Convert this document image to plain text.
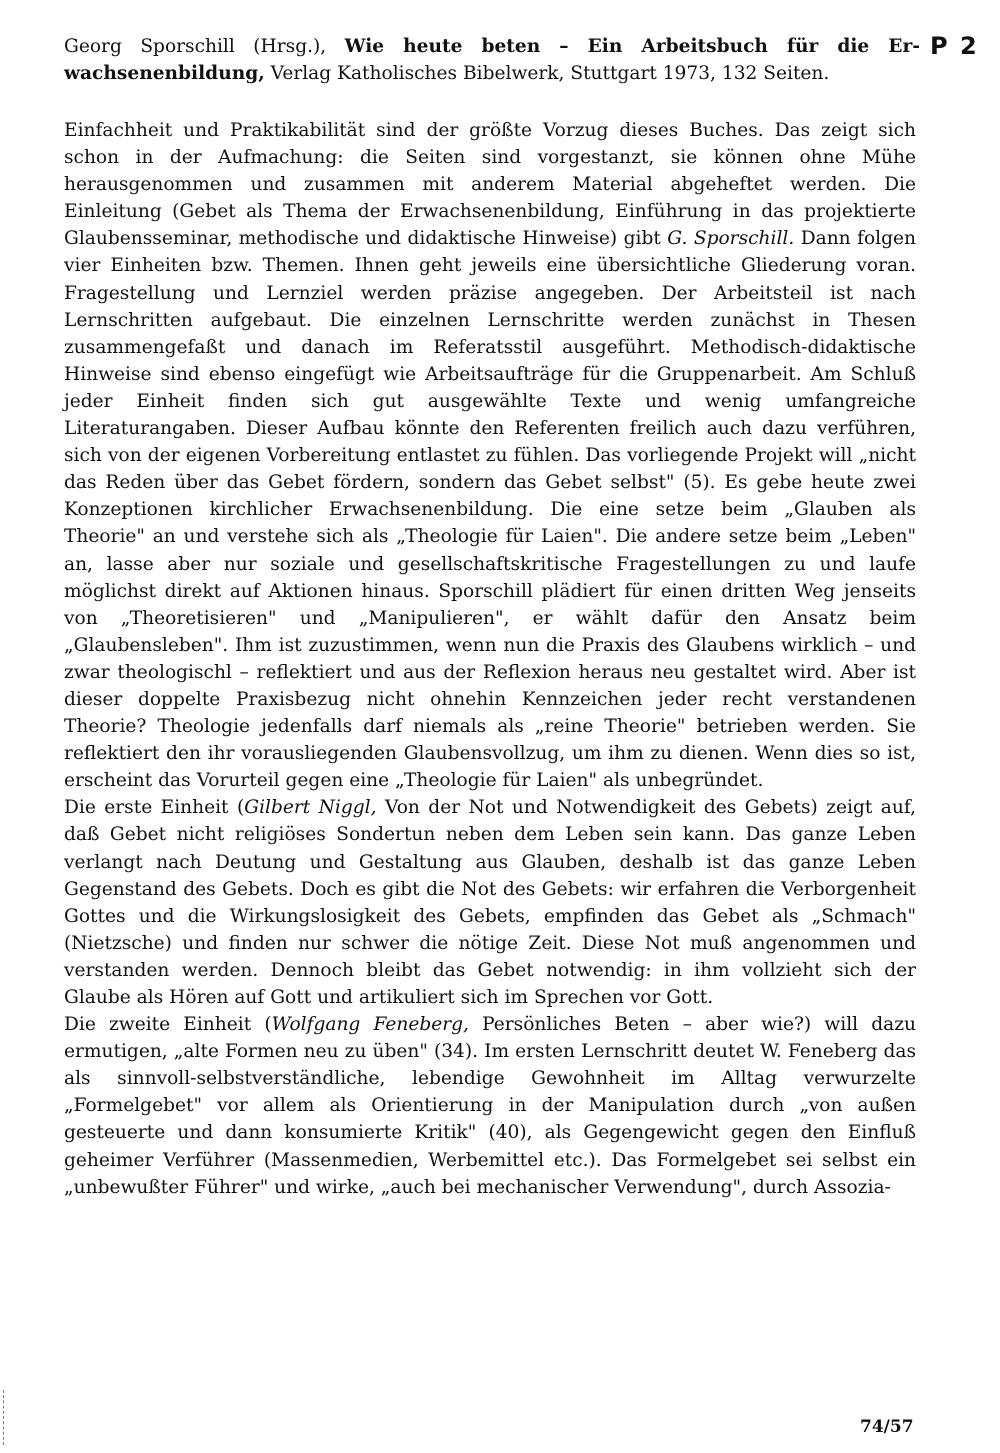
Georg Sporschill (Hrsg.), Wie heute beten – Ein Arbeitsbuch für die Er- wachsenenbildung, Verlag Katholisches Bibelwerk, Stuttgart 1973, 132 Seiten.
P 2

Einfachheit und Praktikabilität sind der größte Vorzug dieses Buches. Das zeigt sich schon in der Aufmachung: die Seiten sind vorgestanzt, sie können ohne Mühe herausgenommen und zusammen mit anderem Material abgeheftet werden. Die Einleitung (Gebet als Thema der Erwachsenenbildung, Einführung in das projektierte Glaubensseminar, methodische und didaktische Hinweise) gibt G. Sporschill. Dann folgen vier Einheiten bzw. Themen. Ihnen geht jeweils eine übersichtliche Gliederung voran. Fragestellung und Lernziel werden präzise angegeben. Der Arbeitsteil ist nach Lernschritten aufgebaut. Die einzelnen Lernschritte werden zunächst in Thesen zusammengefaßt und danach im Referatsstil ausgeführt. Methodisch-didaktische Hinweise sind ebenso eingefügt wie Arbeitsaufträge für die Gruppenarbeit. Am Schluß jeder Einheit finden sich gut ausgewählte Texte und wenig umfangreiche Literaturangaben. Dieser Aufbau könnte den Referenten freilich auch dazu verführen, sich von der eigenen Vorbereitung entlastet zu fühlen. Das vorliegende Projekt will „nicht das Reden über das Gebet fördern, sondern das Gebet selbst" (5). Es gebe heute zwei Konzeptionen kirchlicher Erwachsenenbildung. Die eine setze beim „Glauben als Theorie" an und verstehe sich als „Theologie für Laien". Die andere setze beim „Leben" an, lasse aber nur soziale und gesellschaftskritische Fragestellungen zu und laufe möglichst direkt auf Aktionen hinaus. Sporschill plädiert für einen dritten Weg jenseits von „Theoretisieren" und „Manipulieren", er wählt dafür den Ansatz beim „Glaubensleben". Ihm ist zuzustimmen, wenn nun die Praxis des Glaubens wirklich – und zwar theologischl – reflektiert und aus der Reflexion heraus neu gestaltet wird. Aber ist dieser doppelte Praxisbezug nicht ohnehin Kennzeichen jeder recht verstandenen Theorie? Theologie jedenfalls darf niemals als „reine Theorie" betrieben werden. Sie reflektiert den ihr vorausliegenden Glaubensvollzug, um ihm zu dienen. Wenn dies so ist, erscheint das Vorurteil gegen eine „Theologie für Laien" als unbegründet.

Die erste Einheit (Gilbert Niggl, Von der Not und Notwendigkeit des Gebets) zeigt auf, daß Gebet nicht religiöses Sondertun neben dem Leben sein kann. Das ganze Leben verlangt nach Deutung und Gestaltung aus Glauben, deshalb ist das ganze Leben Gegenstand des Gebets. Doch es gibt die Not des Gebets: wir erfahren die Verborgenheit Gottes und die Wirkungslosigkeit des Gebets, empfinden das Gebet als „Schmach" (Nietzsche) und finden nur schwer die nötige Zeit. Diese Not muß angenommen und verstanden werden. Dennoch bleibt das Gebet notwendig: in ihm vollzieht sich der Glaube als Hören auf Gott und artikuliert sich im Sprechen vor Gott.

Die zweite Einheit (Wolfgang Feneberg, Persönliches Beten – aber wie?) will dazu ermutigen, „alte Formen neu zu üben" (34). Im ersten Lernschritt deutet W. Feneberg das als sinnvoll-selbstverständliche, lebendige Gewohnheit im Alltag verwurzelte „Formelgebet" vor allem als Orientierung in der Manipulation durch „von außen gesteuerte und dann konsumierte Kritik" (40), als Gegengewicht gegen den Einfluß geheimer Verführer (Massenmedien, Werbemittel etc.). Das Formelgebet sei selbst ein „unbewußter Führer" und wirke, „auch bei mechanischer Verwendung", durch Assozia-

74/57
